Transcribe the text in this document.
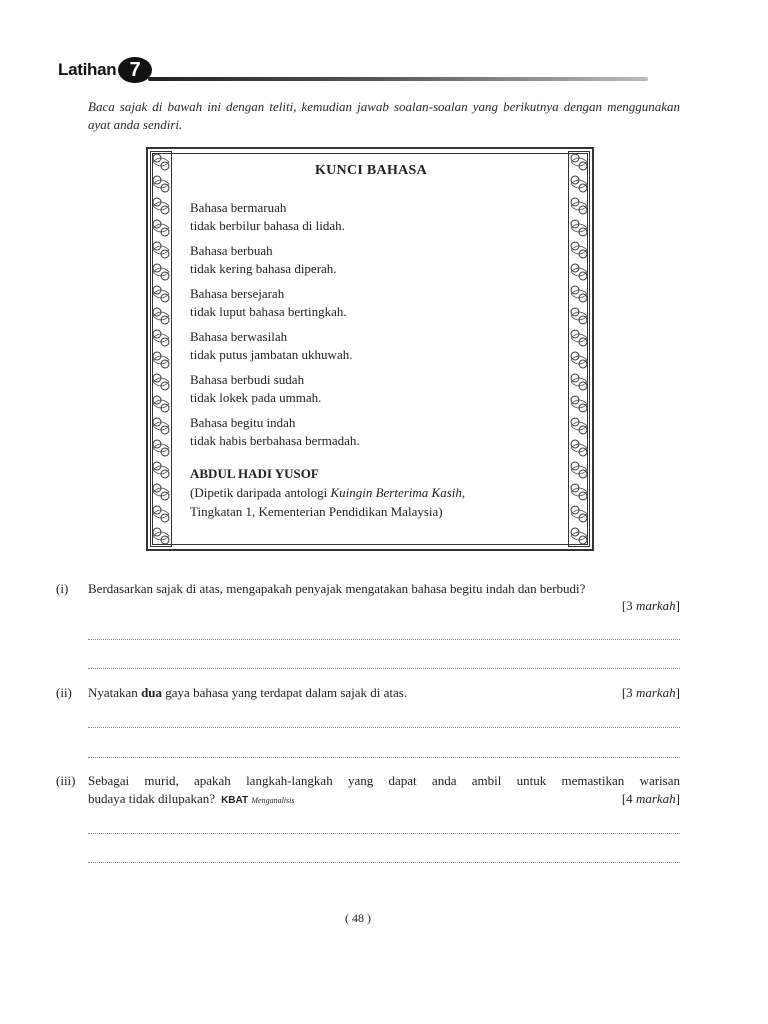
Latihan 7
Baca sajak di bawah ini dengan teliti, kemudian jawab soalan-soalan yang berikutnya dengan menggunakan ayat anda sendiri.
KUNCI BAHASA
Bahasa bermaruah
tidak berbilur bahasa di lidah.
Bahasa berbuah
tidak kering bahasa diperah.
Bahasa bersejarah
tidak luput bahasa bertingkah.
Bahasa berwasilah
tidak putus jambatan ukhuwah.
Bahasa berbudi sudah
tidak lokek pada ummah.
Bahasa begitu indah
tidak habis berbahasa bermadah.
ABDUL HADI YUSOF
(Dipetik daripada antologi Kuingin Berterima Kasih,
Tingkatan 1, Kementerian Pendidikan Malaysia)
(i) Berdasarkan sajak di atas, mengapakah penyajak mengatakan bahasa begitu indah dan berbudi?
[3 markah]
(ii) Nyatakan dua gaya bahasa yang terdapat dalam sajak di atas.	[3 markah]
(iii) Sebagai murid, apakah langkah-langkah yang dapat anda ambil untuk memastikan warisan
budaya tidak dilupakan? KBAT Menganalisis	[4 markah]
( 48 )
